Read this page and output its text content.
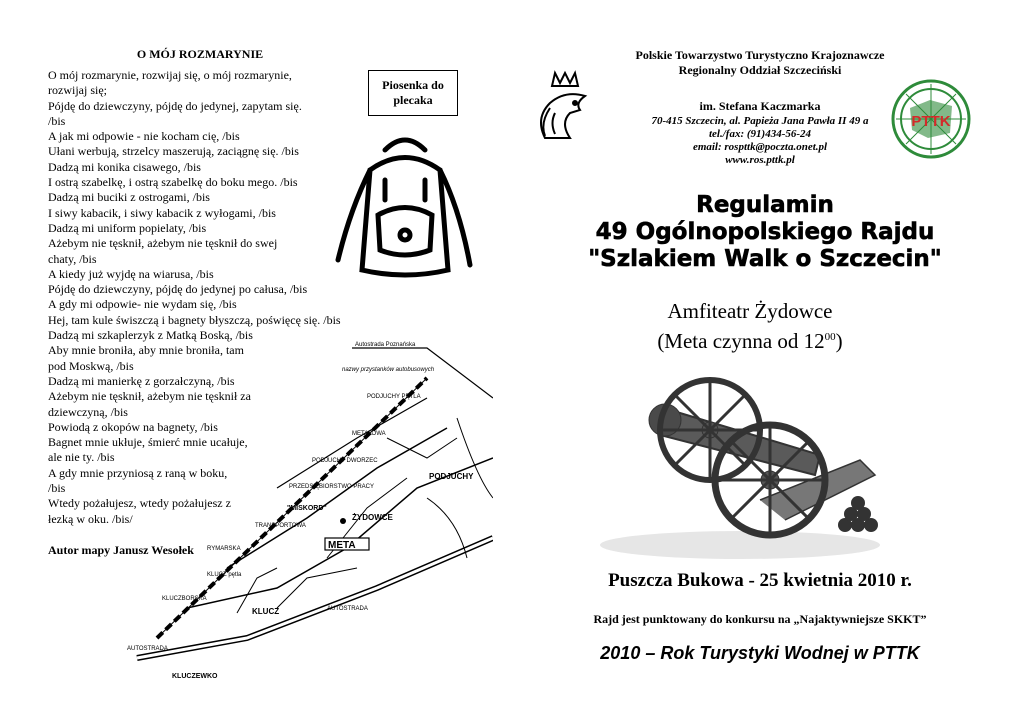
O MÓJ ROZMARYNIE
O mój rozmarynie, rozwijaj się, o mój rozmarynie,
rozwijaj się;
Pójdę do dziewczyny, pójdę do jedynej, zapytam się.
/bis
A jak mi odpowie - nie kocham cię, /bis
Ułani werbują, strzelcy maszerują, zaciągnę się. /bis
Dadzą mi konika cisawego, /bis
I ostrą szabelkę, i ostrą szabelkę do boku mego. /bis
Dadzą mi buciki z ostrogami, /bis
I siwy kabacik, i siwy kabacik z wyłogami, /bis
Dadzą mi uniform popielaty, /bis
Ażebym nie tęsknił, ażebym nie tęsknił do swej
chaty, /bis
A kiedy już wyjdę na wiarusa, /bis
Pójdę do dziewczyny, pójdę do jedynej po całusa, /bis
A gdy mi odpowie- nie wydam się, /bis
Hej, tam kule świszczą i bagnety błyszczą, poświęcę się. /bis
Dadzą mi szkaplerzyk z Matką Boską, /bis
Aby mnie broniła, aby mnie broniła, tam
pod Moskwą, /bis
Dadzą mi manierkę z gorzałczyną, /bis
Ażebym nie tęsknił, ażebym nie tęsknił za
dziewczyną, /bis
Powiodą z okopów na bagnety, /bis
Bagnet mnie ukłuje, śmierć mnie ucałuje,
ale nie ty. /bis
A gdy mnie przyniosą z raną w boku,
/bis
Wtedy pożałujesz, wtedy pożałujesz z
łezką w oku. /bis/
Piosenka do plecaka
Autor mapy Janusz Wesołek
Autostrada Poznańska
nazwy przystanków autobusowych
PODJUCHY PĘTLA
METALOWA
PODJUCHY DWORZEC
PODJUCHY
PRZEDSIĘBIORSTWO PRACY
"MISKORD"
TRANSPORTOWA
ŻYDOWCE
RYMARSKA
KLUCZ pętla
KLUCZBORSKA
KLUCZ	AUTOSTRADA
AUTOSTRADA
KLUCZEWKO
META
Polskie Towarzystwo Turystyczno Krajoznawcze
Regionalny Oddział Szczeciński
im. Stefana Kaczmarka
70-415 Szczecin, al. Papieża Jana Pawła II 49 a
tel./fax: (91)434-56-24
email: rospttk@poczta.onet.pl
www.ros.pttk.pl
PTTK
Regulamin
49 Ogólnopolskiego Rajdu
"Szlakiem Walk o Szczecin"
Amfiteatr Żydowce
(Meta czynna od $12^{00}$)
Puszcza Bukowa - 25 kwietnia 2010 r.
Rajd jest punktowany do konkursu na „Najaktywniejsze SKKT”
2010 – Rok Turystyki Wodnej w PTTK
